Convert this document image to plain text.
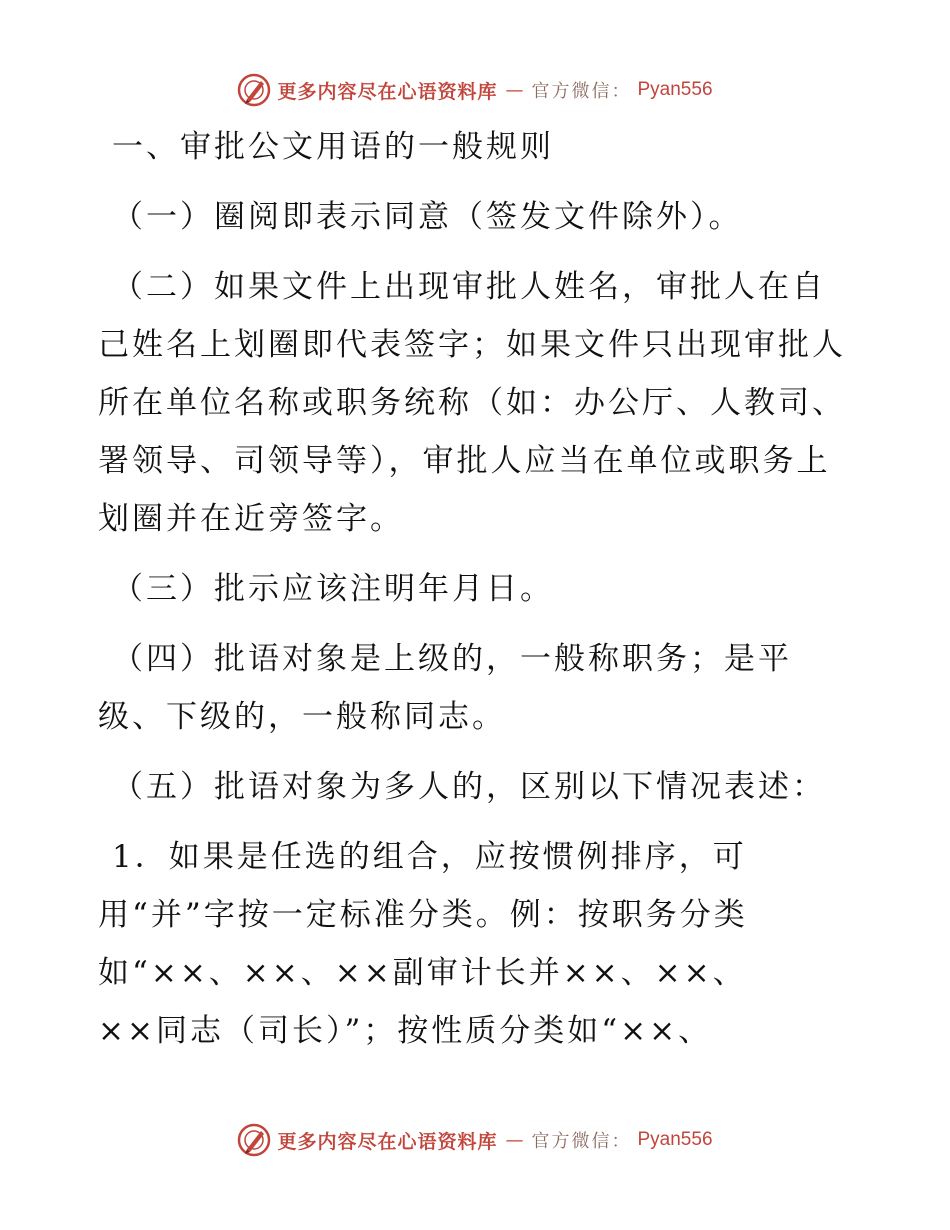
更多内容尽在心语资料库 — 官方微信： Pyan556
一、审批公文用语的一般规则
（一）圈阅即表示同意（签发文件除外）。
（二）如果文件上出现审批人姓名，审批人在自
己姓名上划圈即代表签字；如果文件只出现审批人
所在单位名称或职务统称（如：办公厅、人教司、
署领导、司领导等），审批人应当在单位或职务上
划圈并在近旁签字。
（三）批示应该注明年月日。
（四）批语对象是上级的，一般称职务；是平
级、下级的，一般称同志。
（五）批语对象为多人的，区别以下情况表述：
1．如果是任选的组合，应按惯例排序，可
用“并”字按一定标准分类。例：按职务分类
如“××、××、××副审计长并××、××、
××同志（司长）”；按性质分类如“××、
更多内容尽在心语资料库 — 官方微信： Pyan556
